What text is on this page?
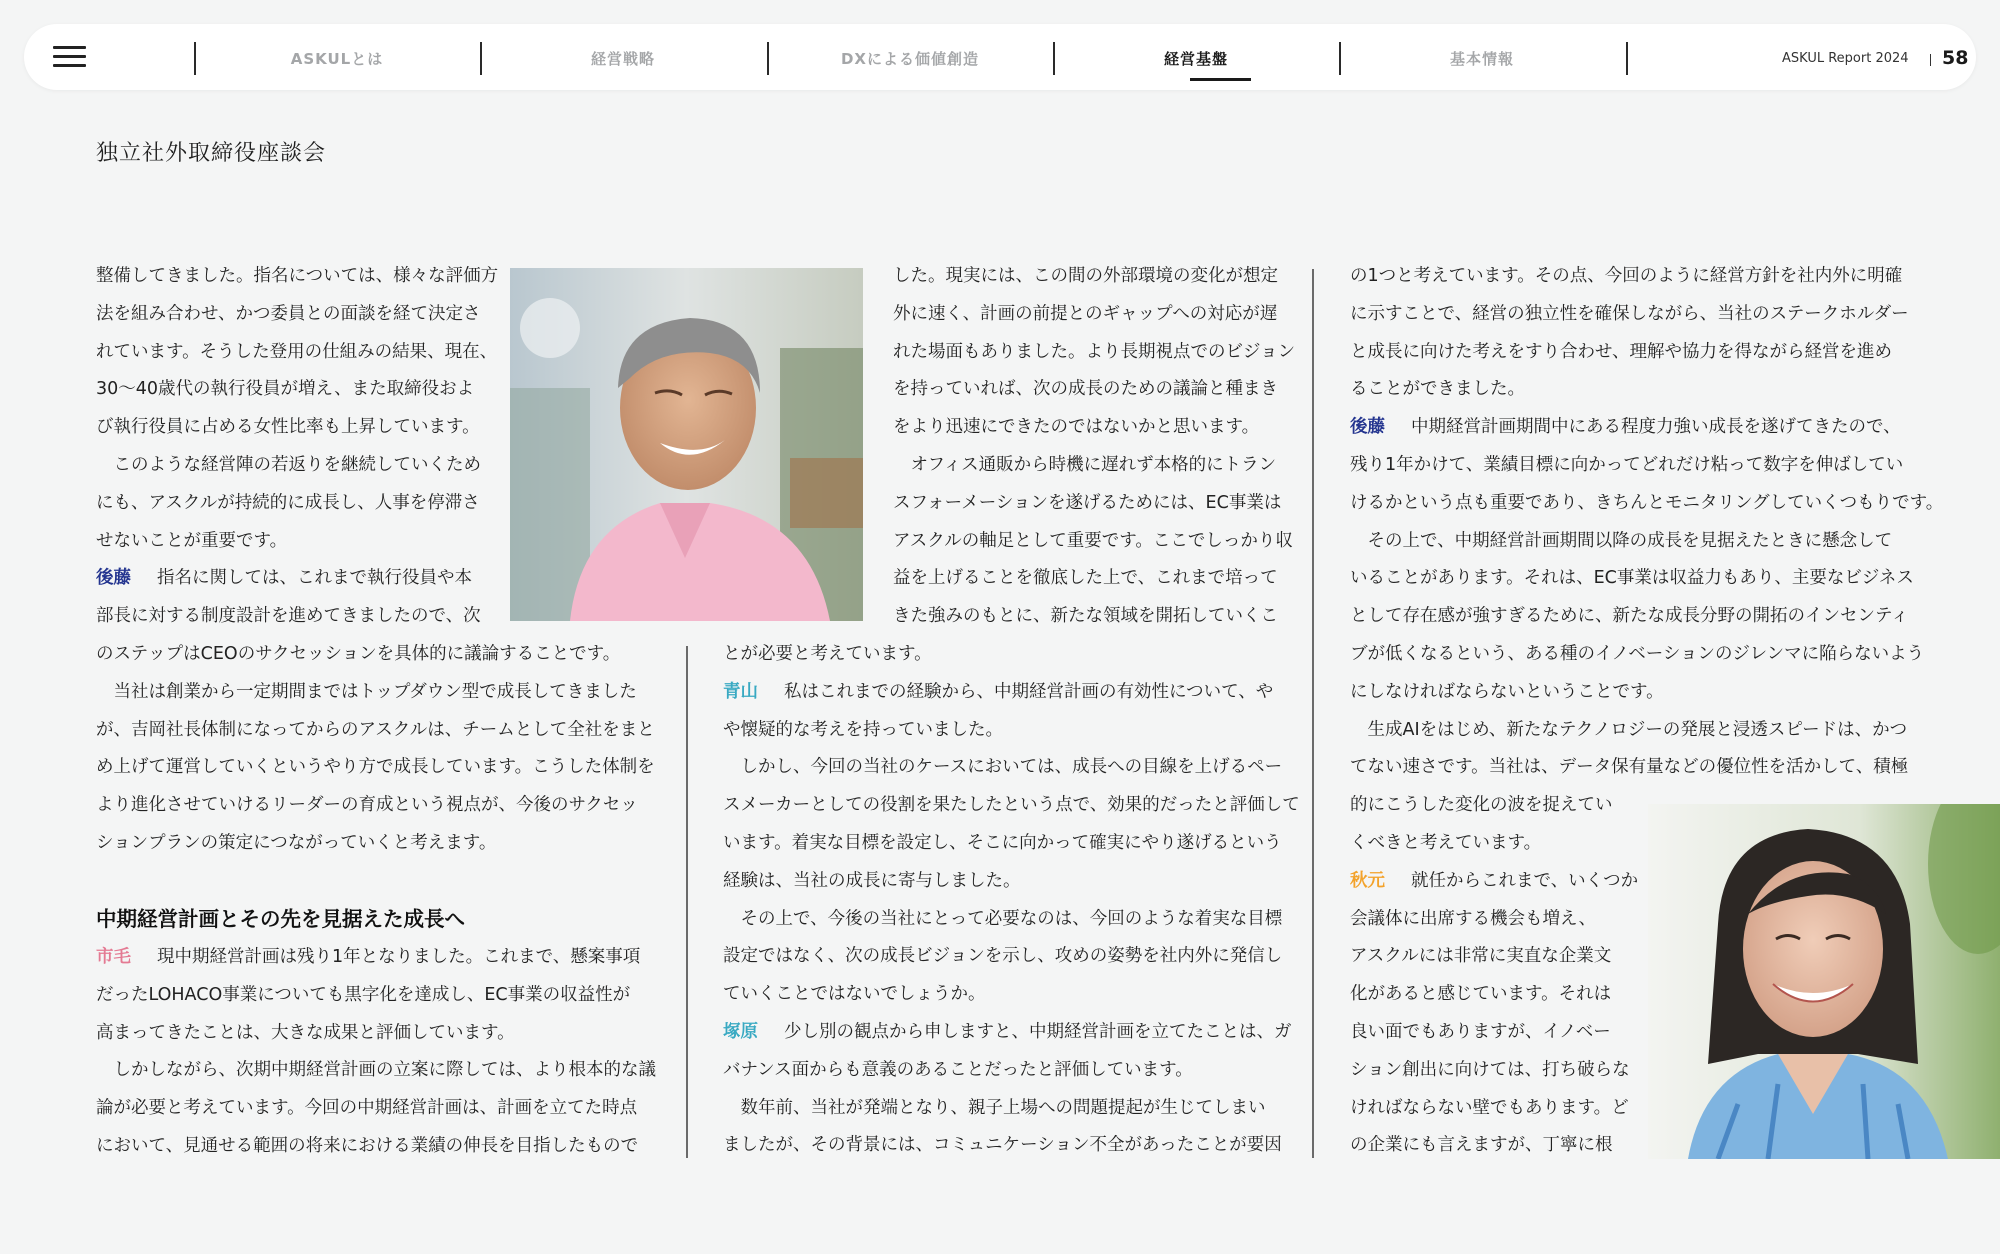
ASKULとは	経営戦略	DXによる価値創造	経営基盤	基本情報	ASKUL Report 2024 58
独立社外取締役座談会

整備してきました。指名については、様々な評価方

法を組み合わせ、かつ委員との面談を経て決定さ

れています。そうした登用の仕組みの結果、現在、

30〜40歳代の執行役員が増え、また取締役およ

び執行役員に占める女性比率も上昇しています。

　このような経営陣の若返りを継続していくため

にも、アスクルが持続的に成長し、人事を停滞さ

せないことが重要です。

後藤 指名に関しては、これまで執行役員や本

部長に対する制度設計を進めてきましたので、次

のステップはCEOのサクセッションを具体的に議論することです。

　当社は創業から一定期間まではトップダウン型で成長してきました

が、吉岡社長体制になってからのアスクルは、チームとして全社をまと

め上げて運営していくというやり方で成長しています。こうした体制を

より進化させていけるリーダーの育成という視点が、今後のサクセッ

ションプランの策定につながっていくと考えます。

中期経営計画とその先を見据えた成長へ

市毛 現中期経営計画は残り1年となりました。これまで、懸案事項

だったLOHACO事業についても黒字化を達成し、EC事業の収益性が

高まってきたことは、大きな成果と評価しています。

　しかしながら、次期中期経営計画の立案に際しては、より根本的な議

論が必要と考えています。今回の中期経営計画は、計画を立てた時点

において、見通せる範囲の将来における業績の伸長を目指したもので

した。現実には、この間の外部環境の変化が想定

外に速く、計画の前提とのギャップへの対応が遅

れた場面もありました。より長期視点でのビジョン

を持っていれば、次の成長のための議論と種まき

をより迅速にできたのではないかと思います。

　オフィス通販から時機に遅れず本格的にトラン

スフォーメーションを遂げるためには、EC事業は

アスクルの軸足として重要です。ここでしっかり収

益を上げることを徹底した上で、これまで培って

きた強みのもとに、新たな領域を開拓していくこ

とが必要と考えています。

青山 私はこれまでの経験から、中期経営計画の有効性について、や

や懐疑的な考えを持っていました。

　しかし、今回の当社のケースにおいては、成長への目線を上げるペー

スメーカーとしての役割を果たしたという点で、効果的だったと評価して

います。着実な目標を設定し、そこに向かって確実にやり遂げるという

経験は、当社の成長に寄与しました。

　その上で、今後の当社にとって必要なのは、今回のような着実な目標

設定ではなく、次の成長ビジョンを示し、攻めの姿勢を社内外に発信し

ていくことではないでしょうか。

塚原 少し別の観点から申しますと、中期経営計画を立てたことは、ガ

バナンス面からも意義のあることだったと評価しています。

　数年前、当社が発端となり、親子上場への問題提起が生じてしまい

ましたが、その背景には、コミュニケーション不全があったことが要因

の1つと考えています。その点、今回のように経営方針を社内外に明確

に示すことで、経営の独立性を確保しながら、当社のステークホルダー

と成長に向けた考えをすり合わせ、理解や協力を得ながら経営を進め

ることができました。

後藤 中期経営計画期間中にある程度力強い成長を遂げてきたので、

残り1年かけて、業績目標に向かってどれだけ粘って数字を伸ばしてい

けるかという点も重要であり、きちんとモニタリングしていくつもりです。

　その上で、中期経営計画期間以降の成長を見据えたときに懸念して

いることがあります。それは、EC事業は収益力もあり、主要なビジネス

として存在感が強すぎるために、新たな成長分野の開拓のインセンティ

ブが低くなるという、ある種のイノベーションのジレンマに陥らないよう

にしなければならないということです。

　生成AIをはじめ、新たなテクノロジーの発展と浸透スピードは、かつ

てない速さです。当社は、データ保有量などの優位性を活かして、積極

的にこうした変化の波を捉えてい

くべきと考えています。

秋元 就任からこれまで、いくつか

会議体に出席する機会も増え、

アスクルには非常に実直な企業文

化があると感じています。それは

良い面でもありますが、イノベー

ション創出に向けては、打ち破らな

ければならない壁でもあります。ど

の企業にも言えますが、丁寧に根
